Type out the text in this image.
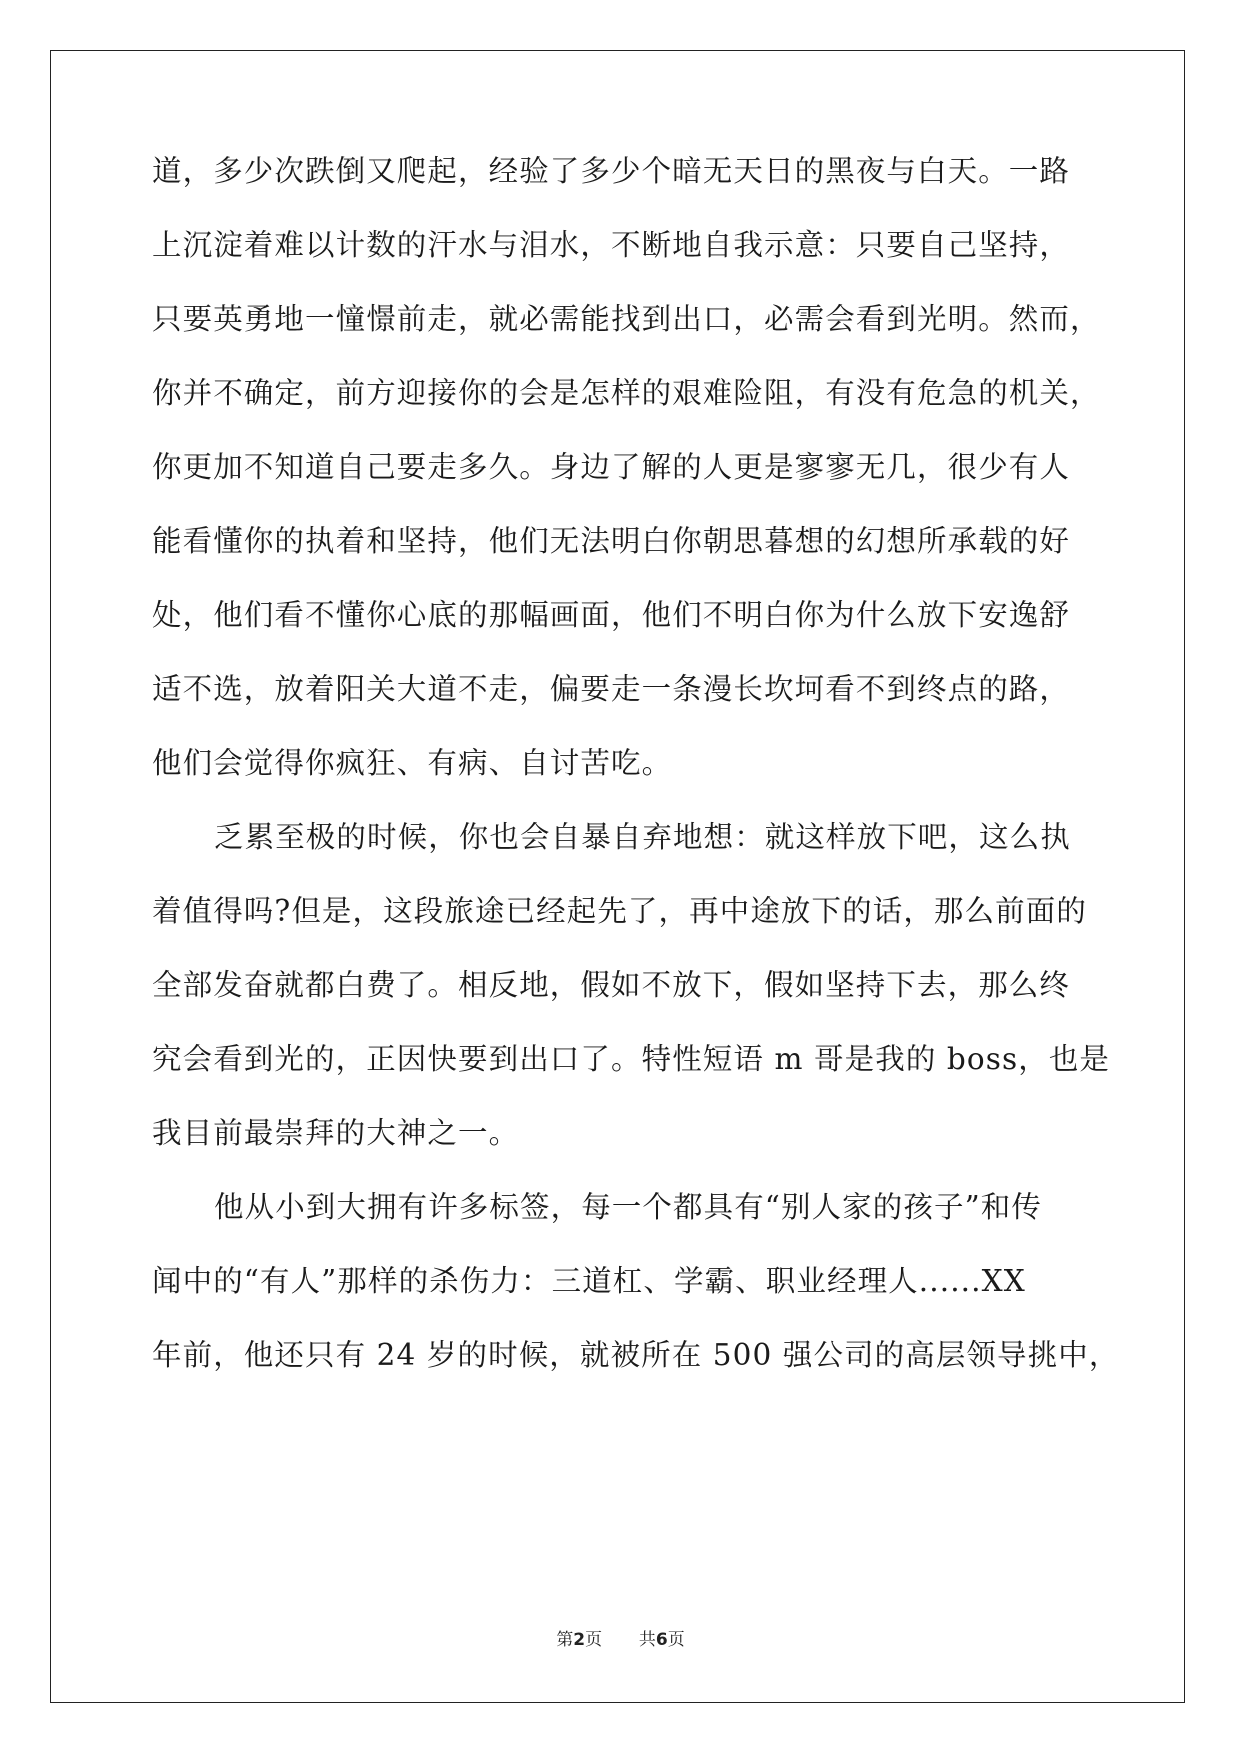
道，多少次跌倒又爬起，经验了多少个暗无天日的黑夜与白天。一路
上沉淀着难以计数的汗水与泪水，不断地自我示意：只要自己坚持，
只要英勇地一憧憬前走，就必需能找到出口，必需会看到光明。然而，
你并不确定，前方迎接你的会是怎样的艰难险阻，有没有危急的机关，
你更加不知道自己要走多久。身边了解的人更是寥寥无几，很少有人
能看懂你的执着和坚持，他们无法明白你朝思暮想的幻想所承载的好
处，他们看不懂你心底的那幅画面，他们不明白你为什么放下安逸舒
适不选，放着阳关大道不走，偏要走一条漫长坎坷看不到终点的路，
他们会觉得你疯狂、有病、自讨苦吃。
乏累至极的时候，你也会自暴自弃地想：就这样放下吧，这么执
着值得吗?但是，这段旅途已经起先了，再中途放下的话，那么前面的
全部发奋就都白费了。相反地，假如不放下，假如坚持下去，那么终
究会看到光的，正因快要到出口了。特性短语 m 哥是我的 boss，也是
我目前最崇拜的大神之一。
他从小到大拥有许多标签，每一个都具有“别人家的孩子”和传
闻中的“有人”那样的杀伤力：三道杠、学霸、职业经理人......XX
年前，他还只有 24 岁的时候，就被所在 500 强公司的高层领导挑中，
第2页 共6页
